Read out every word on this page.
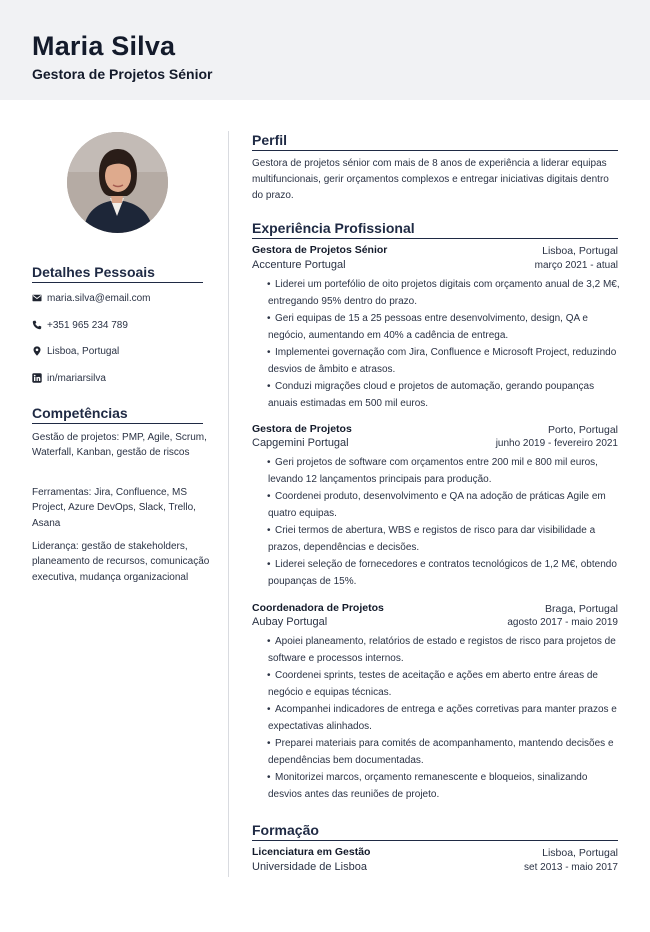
Maria Silva
Gestora de Projetos Sénior
Detalhes Pessoais
maria.silva@email.com
+351 965 234 789
Lisboa, Portugal
in/mariarsilva
Competências
Gestão de projetos: PMP, Agile, Scrum, Waterfall, Kanban, gestão de riscos
Ferramentas: Jira, Confluence, MS Project, Azure DevOps, Slack, Trello, Asana
Liderança: gestão de stakeholders, planeamento de recursos, comunicação executiva, mudança organizacional
Perfil
Gestora de projetos sénior com mais de 8 anos de experiência a liderar equipas multifuncionais, gerir orçamentos complexos e entregar iniciativas digitais dentro do prazo.
Experiência Profissional
Gestora de Projetos Sénior	Lisboa, Portugal
Accenture Portugal	março 2021 - atual
• Liderei um portefólio de oito projetos digitais com orçamento anual de 3,2 M€, entregando 95% dentro do prazo.
• Geri equipas de 15 a 25 pessoas entre desenvolvimento, design, QA e negócio, aumentando em 40% a cadência de entrega.
• Implementei governação com Jira, Confluence e Microsoft Project, reduzindo desvios de âmbito e atrasos.
• Conduzi migrações cloud e projetos de automação, gerando poupanças anuais estimadas em 500 mil euros.
Gestora de Projetos	Porto, Portugal
Capgemini Portugal	junho 2019 - fevereiro 2021
• Geri projetos de software com orçamentos entre 200 mil e 800 mil euros, levando 12 lançamentos principais para produção.
• Coordenei produto, desenvolvimento e QA na adoção de práticas Agile em quatro equipas.
• Criei termos de abertura, WBS e registos de risco para dar visibilidade a prazos, dependências e decisões.
• Liderei seleção de fornecedores e contratos tecnológicos de 1,2 M€, obtendo poupanças de 15%.
Coordenadora de Projetos	Braga, Portugal
Aubay Portugal	agosto 2017 - maio 2019
• Apoiei planeamento, relatórios de estado e registos de risco para projetos de software e processos internos.
• Coordenei sprints, testes de aceitação e ações em aberto entre áreas de negócio e equipas técnicas.
• Acompanhei indicadores de entrega e ações corretivas para manter prazos e expectativas alinhados.
• Preparei materiais para comités de acompanhamento, mantendo decisões e dependências bem documentadas.
• Monitorizei marcos, orçamento remanescente e bloqueios, sinalizando desvios antes das reuniões de projeto.
Formação
Licenciatura em Gestão	Lisboa, Portugal
Universidade de Lisboa	set 2013 - maio 2017
